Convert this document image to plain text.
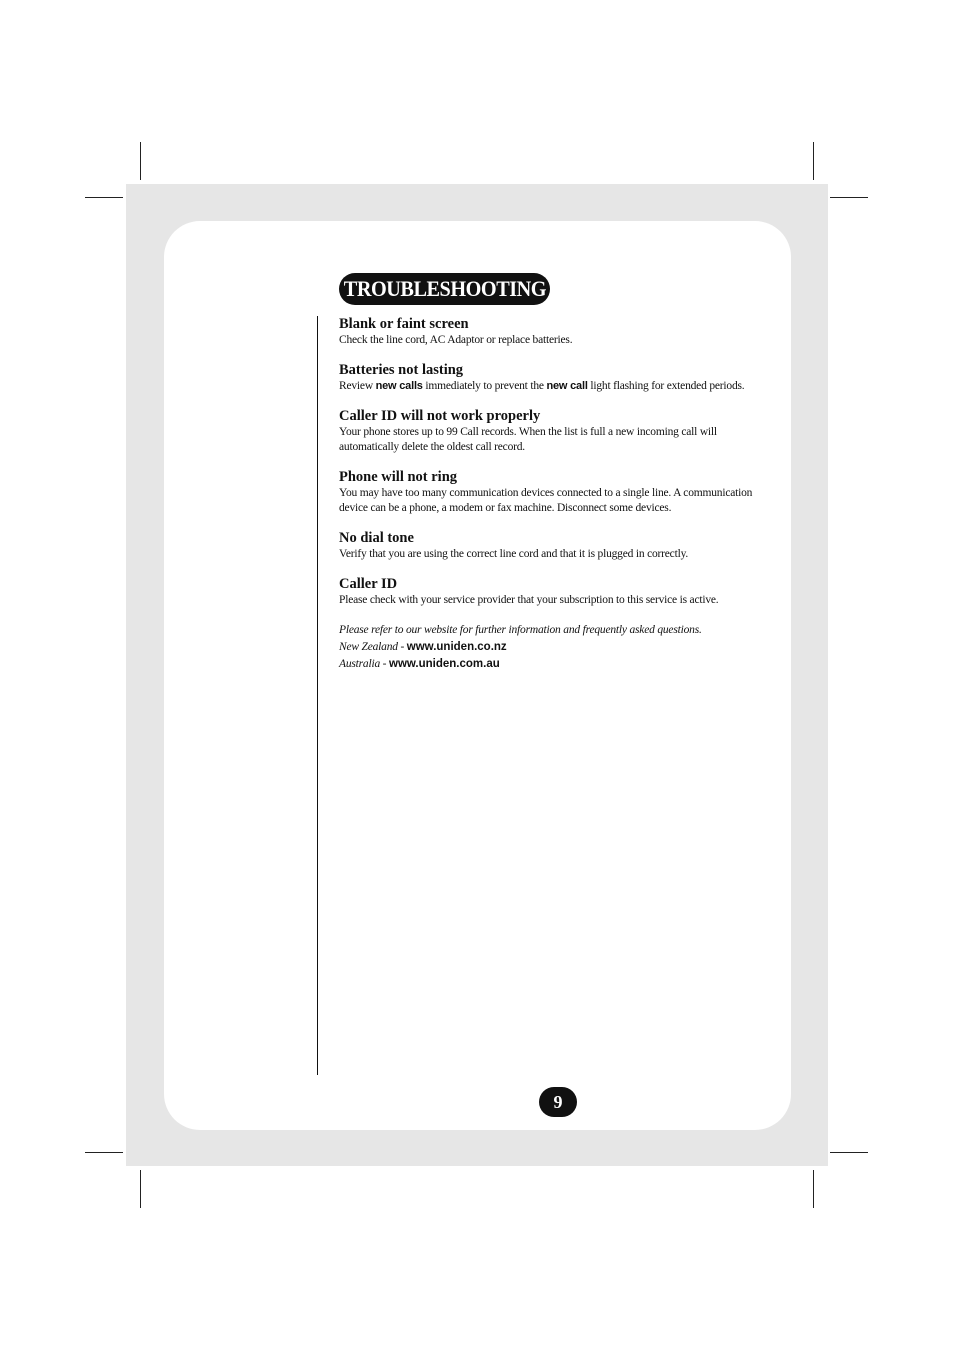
TROUBLESHOOTING
Blank or faint screen

Check the line cord, AC Adaptor or replace batteries.

Batteries not lasting

Review new calls immediately to prevent the new call light flashing for extended periods.

Caller ID will not work properly

Your phone stores up to 99 Call records. When the list is full a new incoming call will automatically delete the oldest call record.

Phone will not ring

You may have too many communication devices connected to a single line. A communication device can be a phone, a modem or fax machine. Disconnect some devices.

No dial tone

Verify that you are using the correct line cord and that it is plugged in correctly.

Caller ID

Please check with your service provider that your subscription to this service is active.

Please refer to our website for further information and frequently asked questions.
New Zealand - www.uniden.co.nz
Australia - www.uniden.com.au
9
